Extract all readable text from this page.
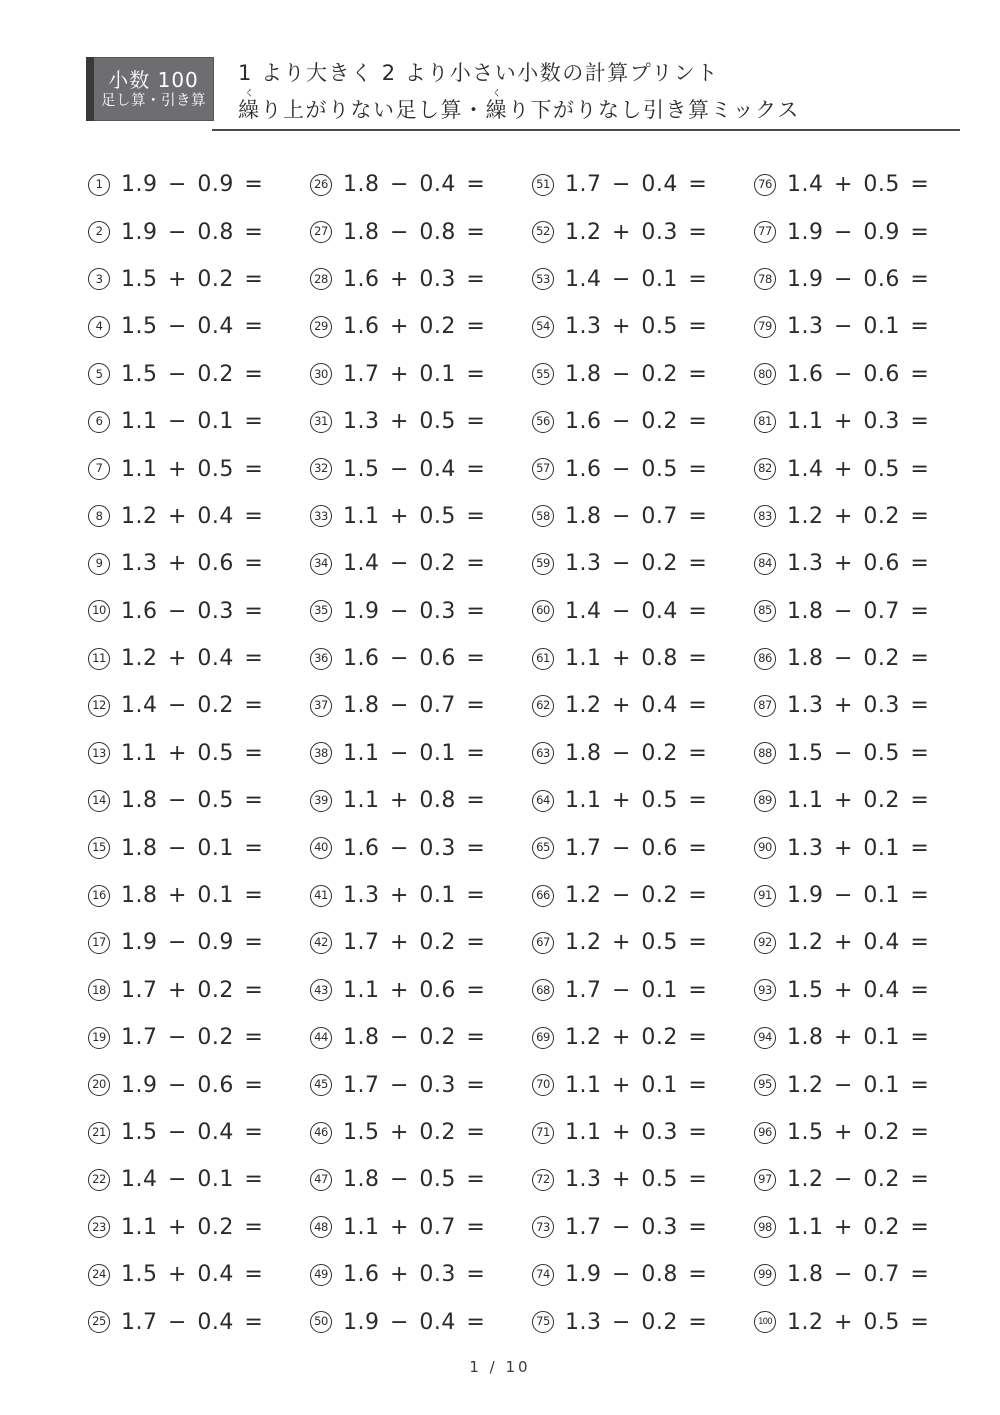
小数 100
足し算・引き算
1 より大きく 2 より小さい小数の計算プリント
繰くり上がりない足し算・繰くり下がりなし引き算ミックス
1 1.9 − 0.9 =
2 1.9 − 0.8 =
3 1.5 + 0.2 =
4 1.5 − 0.4 =
5 1.5 − 0.2 =
6 1.1 − 0.1 =
7 1.1 + 0.5 =
8 1.2 + 0.4 =
9 1.3 + 0.6 =
10 1.6 − 0.3 =
11 1.2 + 0.4 =
12 1.4 − 0.2 =
13 1.1 + 0.5 =
14 1.8 − 0.5 =
15 1.8 − 0.1 =
16 1.8 + 0.1 =
17 1.9 − 0.9 =
18 1.7 + 0.2 =
19 1.7 − 0.2 =
20 1.9 − 0.6 =
21 1.5 − 0.4 =
22 1.4 − 0.1 =
23 1.1 + 0.2 =
24 1.5 + 0.4 =
25 1.7 − 0.4 =
26 1.8 − 0.4 =
27 1.8 − 0.8 =
28 1.6 + 0.3 =
29 1.6 + 0.2 =
30 1.7 + 0.1 =
31 1.3 + 0.5 =
32 1.5 − 0.4 =
33 1.1 + 0.5 =
34 1.4 − 0.2 =
35 1.9 − 0.3 =
36 1.6 − 0.6 =
37 1.8 − 0.7 =
38 1.1 − 0.1 =
39 1.1 + 0.8 =
40 1.6 − 0.3 =
41 1.3 + 0.1 =
42 1.7 + 0.2 =
43 1.1 + 0.6 =
44 1.8 − 0.2 =
45 1.7 − 0.3 =
46 1.5 + 0.2 =
47 1.8 − 0.5 =
48 1.1 + 0.7 =
49 1.6 + 0.3 =
50 1.9 − 0.4 =
51 1.7 − 0.4 =
52 1.2 + 0.3 =
53 1.4 − 0.1 =
54 1.3 + 0.5 =
55 1.8 − 0.2 =
56 1.6 − 0.2 =
57 1.6 − 0.5 =
58 1.8 − 0.7 =
59 1.3 − 0.2 =
60 1.4 − 0.4 =
61 1.1 + 0.8 =
62 1.2 + 0.4 =
63 1.8 − 0.2 =
64 1.1 + 0.5 =
65 1.7 − 0.6 =
66 1.2 − 0.2 =
67 1.2 + 0.5 =
68 1.7 − 0.1 =
69 1.2 + 0.2 =
70 1.1 + 0.1 =
71 1.1 + 0.3 =
72 1.3 + 0.5 =
73 1.7 − 0.3 =
74 1.9 − 0.8 =
75 1.3 − 0.2 =
76 1.4 + 0.5 =
77 1.9 − 0.9 =
78 1.9 − 0.6 =
79 1.3 − 0.1 =
80 1.6 − 0.6 =
81 1.1 + 0.3 =
82 1.4 + 0.5 =
83 1.2 + 0.2 =
84 1.3 + 0.6 =
85 1.8 − 0.7 =
86 1.8 − 0.2 =
87 1.3 + 0.3 =
88 1.5 − 0.5 =
89 1.1 + 0.2 =
90 1.3 + 0.1 =
91 1.9 − 0.1 =
92 1.2 + 0.4 =
93 1.5 + 0.4 =
94 1.8 + 0.1 =
95 1.2 − 0.1 =
96 1.5 + 0.2 =
97 1.2 − 0.2 =
98 1.1 + 0.2 =
99 1.8 − 0.7 =
100 1.2 + 0.5 =
1 / 10
